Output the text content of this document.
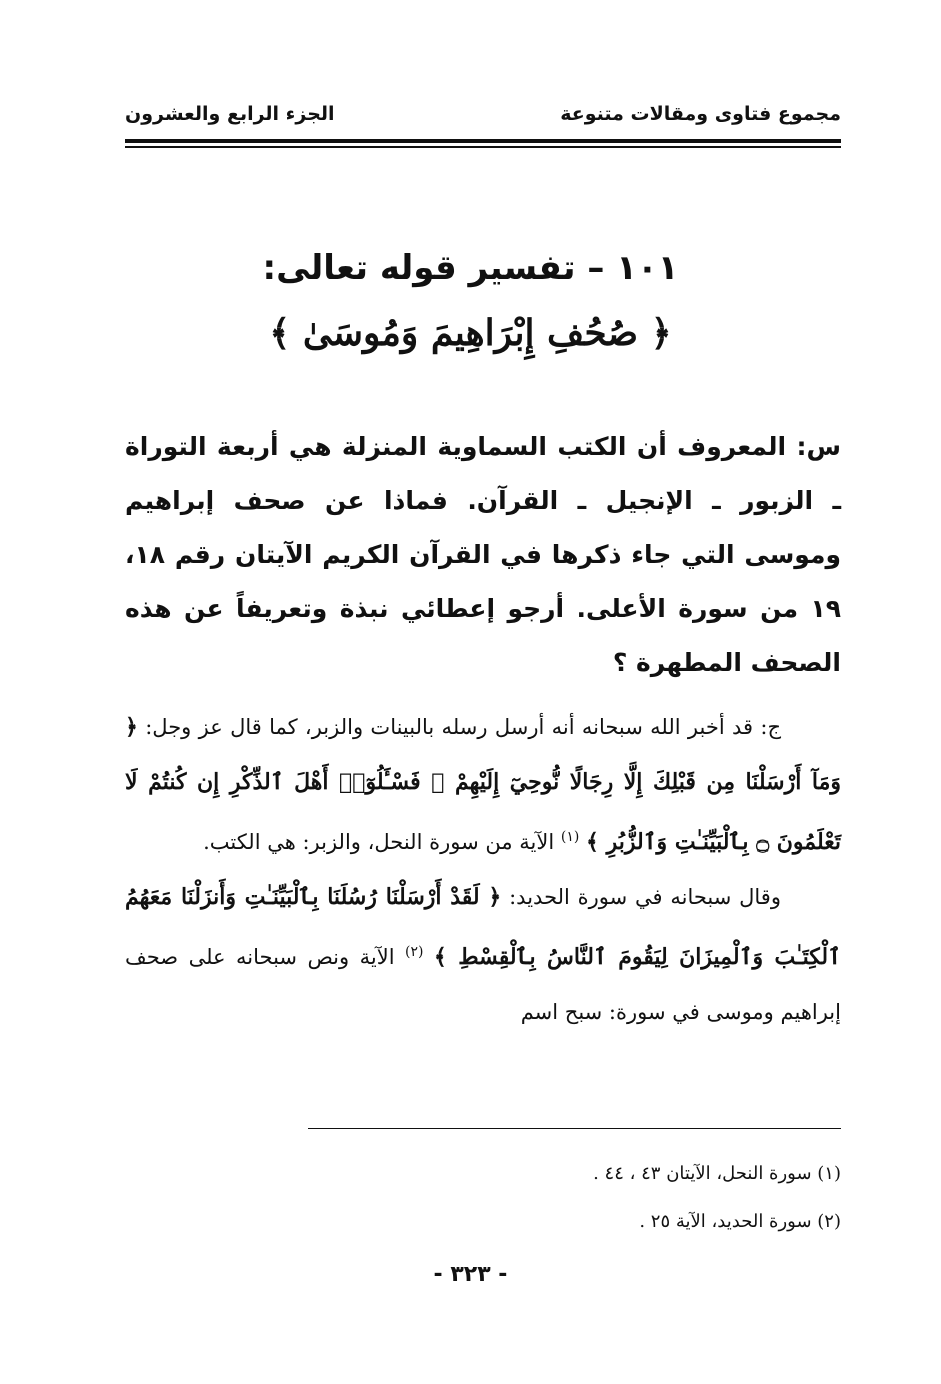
مجموع فتاوى ومقالات متنوعة
الجزء الرابع والعشرون
١٠١ – تفسير قوله تعالى:
﴿ صُحُفِ إِبْرَاهِيمَ وَمُوسَىٰ ﴾
س: المعروف أن الكتب السماوية المنزلة هي أربعة التوراة ـ الزبور ـ الإنجيل ـ القرآن. فماذا عن صحف إبراهيم وموسى التي جاء ذكرها في القرآن الكريم الآيتان رقم ١٨، ١٩ من سورة الأعلى. أرجو إعطائي نبذة وتعريفاً عن هذه الصحف المطهرة ؟

ج: قد أخبر الله سبحانه أنه أرسل رسله بالبينات والزبر، كما قال عز وجل: ﴿ وَمَآ أَرْسَلْنَا مِن قَبْلِكَ إِلَّا رِجَالًا نُّوحِيٓ إِلَيْهِمْ ۚ فَسْـَٔلُوٓا۟ أَهْلَ ٱلذِّكْرِ إِن كُنتُمْ لَا تَعْلَمُونَ ۝ بِٱلْبَيِّنَـٰتِ وَٱلزُّبُرِ ﴾ $^{(١)}$ الآية من سورة النحل، والزبر: هي الكتب.

وقال سبحانه في سورة الحديد: ﴿ لَقَدْ أَرْسَلْنَا رُسُلَنَا بِٱلْبَيِّنَـٰتِ وَأَنزَلْنَا مَعَهُمُ ٱلْكِتَـٰبَ وَٱلْمِيزَانَ لِيَقُومَ ٱلنَّاسُ بِٱلْقِسْطِ ﴾ $^{(٢)}$ الآية ونص سبحانه على صحف إبراهيم وموسى في سورة: سبح اسم

(١) سورة النحل، الآيتان ٤٣ ، ٤٤ .
(٢) سورة الحديد، الآية ٢٥ .
- ٣٢٣ -
